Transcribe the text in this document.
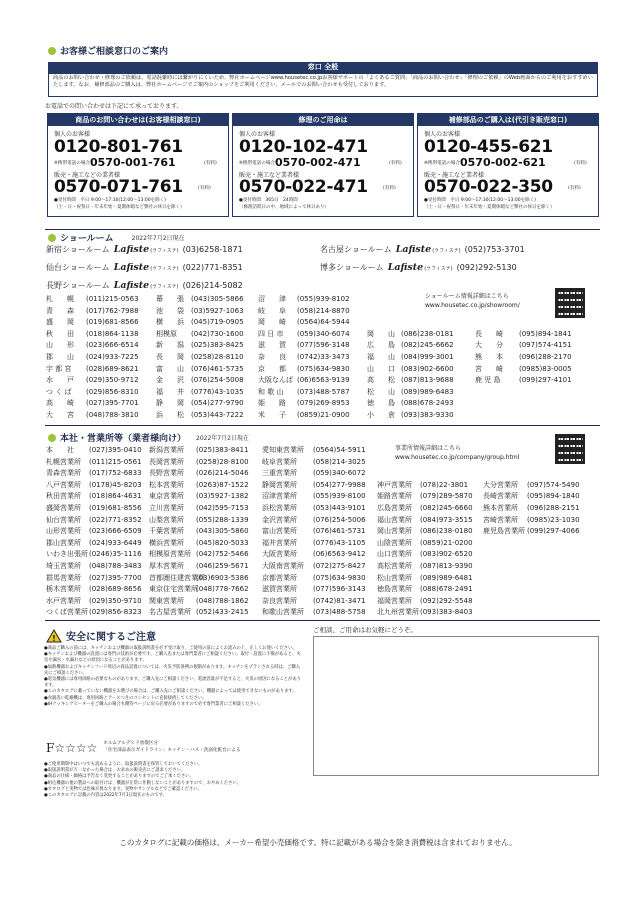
お客様ご相談窓口のご案内
窓口 全般
商品のお問い合わせ・修理のご依頼は、電話混雑時には繋がりにくいため、弊社ホームページwww.housetec.co.jpお客様サポートの「よくあるご質問」「商品のお問い合わせ」「修理のご依頼」のWeb画面からのご利用をおすすめいたします。なお、補修部品のご購入は、弊社ホームページでご案内のショップをご利用ください。メールでのお問い合わせも受付しております。
お電話での問い合わせは下記にて承っております。
商品のお問い合わせは(お客様相談窓口)
個人のお客様
0120-801-761
※携帯電話の場合 0570-001-761	(有料)
販売・施工などの業者様
0570-071-761	(有料)
●受付時間　平日 9:00〜17:30(12:00〜13:00を除く)
（土・日・祝祭日・年末年始・夏期休暇など弊社の休日を除く）
修理のご用命は
個人のお客様
0120-102-471
※携帯電話の場合 0570-002-471	(有料)
販売・施工など業者様
0570-022-471	(有料)
●受付時間　365日　24時間
（修理訪問日の中、地域によって休日あり）
補修部品のご購入は(代引き販売窓口)
個人のお客様
0120-455-621
※携帯電話の場合 0570-002-621	(有料)
販売・施工など業者様
0570-022-350	(有料)
●受付時間　平日 9:00〜17:30(12:00〜13:00を除く)
（土・日・祝祭日・年末年始・夏期休暇など弊社の休日を除く）
ショールーム	2022年7月2日現在
新宿ショールーム Lafiste(ラフィステ) (03)6258-1871	名古屋ショールーム Lafiste(ラフィステ) (052)753-3701
仙台ショールーム Lafiste(ラフィステ) (022)771-8351	博多ショールーム Lafiste(ラフィステ) (092)292-5130
長野ショールーム Lafiste(ラフィステ) (026)214-5082
ショールーム情報詳細はこちら
www.housetec.co.jp/showroom/
札　　幌 (011)215-0563 幕　　張 (043)305-5866 沼　　津 (055)939-8102
青　　森 (017)762-7988 池　　袋 (03)5927-1063 岐　　阜 (058)214-8870
盛　　岡 (019)681-8566 横　　浜 (045)719-0905 岡　　崎 (0564)64-5944
秋　　田 (018)864-1138 相模原 (042)730-1600 四 日 市 (059)340-6074 岡　　山 (086)238-0181	長　　崎 (095)894-1841
山　　形 (023)666-6514 新　　潟 (025)383-8425 滋　　賀 (077)596-3148 広　　島 (082)245-6662	大　　分 (097)574-4151
郡　　山 (024)933-7225 長　　岡 (0258)28-8110 奈　　良 (0742)33-3473 福　　山 (084)999-3001	熊　　本 (096)288-2170
宇 都 宮 (028)689-8621 富　　山 (076)461-5735 京　　都 (075)634-9830 山　　口 (083)902-6600	宮　　崎 (0985)83-0005
水　　戸 (029)350-9712 金　　沢 (076)254-5008 大阪なんば (06)6563-9139 高　　松 (087)813-9688	鹿 児 島	(099)297-4101
つ く ば (029)856-8310 福　　井 (0776)43-1035 和 歌 山 (073)488-5787 松　　山 (089)989-6483
高　　崎 (027)395-7701 静　　岡 (054)277-9790 姫　　路 (079)269-8953 徳　　島 (088)678-2493
大　　宮 (048)788-3810 浜　　松 (053)443-7222 米　　子 (0859)21-0900 小　　倉 (093)383-9330
本社・営業所等（業者様向け） 2022年7月2日現在
事業所情報詳細はこちら
www.housetec.co.jp/company/group.html
本　　社 (027)395-0410 新潟営業所 (025)383-8411 愛知東営業所 (0564)54-5911
札幌営業所 (011)215-0561 長岡営業所 (0258)28-8100 岐阜営業所 (058)214-3025
青森営業所 (017)752-6833 長野営業所 (026)214-5046 三重営業所 (059)340-6072
八戸営業所 (0178)45-8203 松本営業所 (0263)87-1522 静岡営業所 (054)277-9988 神戸営業所 (078)22-3801 大分営業所 (097)574-5490
秋田営業所 (018)864-4631 東京営業所 (03)5927-1382 沼津営業所 (055)939-8100 姫路営業所 (079)289-5870 長崎営業所 (095)894-1840
盛岡営業所 (019)681-8556 立川営業所 (042)595-7153 浜松営業所 (053)443-9101 広島営業所 (082)245-6660 熊本営業所 (096)288-2151
仙台営業所 (022)771-8352 山梨営業所 (055)288-1339 金沢営業所 (076)254-5006 福山営業所 (084)973-3515 宮崎営業所 (0985)23-1030
山形営業所 (023)666-6509 千葉営業所 (043)305-5860 富山営業所 (076)461-5731 岡山営業所 (086)238-0180 鹿児島営業所 (099)297-4066
郡山営業所 (024)933-6449 横浜営業所 (045)820-5033 福井営業所 (0776)43-1105 山陰営業所 (0859)21-0200
いわき出張所(0246)35-1116 相模原営業所 (042)752-5466 大阪営業所 (06)6563-9412 山口営業所 (083)902-6520
埼玉営業所 (048)788-3483 厚木営業所 (046)259-5671 大阪南営業所 (072)275-8427 高松営業所 (087)813-9390
群馬営業所 (027)395-7700 首都圏住建営業所(03)6903-5386 京都営業所 (075)634-9830 松山営業所 (089)989-6481
栃木営業所 (028)689-8656 東京住宅営業所(048)778-7662 滋賀営業所 (077)596-3143 徳島営業所 (088)678-2491
水戸営業所 (029)350-9710 関東営業所 (048)788-1862 奈良営業所 (0742)81-3471 福岡営業所 (092)292-5548
つくば営業所(029)856-8323 名古屋営業所 (052)433-2415 和歌山営業所 (073)488-5758 北九州営業所(093)383-8403
! 安全に関するご注意
●商品ご購入の前には、キッチンおよび機器の取扱説明書を必ず受け取り、ご使用の前によくお読みの上、正しくお使いください。
●キッチンおよび機器の設置には専門の技術が必要です。ご購入先または専門業者にご相談ください。取付・設置に不備があると、火災や漏水・水漏れなどの原因になることがあります。
●加熱機器およびキッチンフード周辺の商品設置については、火災予防条例の規制があります。キッチンをプランされる時は、ご購入先にご相談ください。
●電気機器には専用回路の必要なものがあります。ご購入先にご相談ください。電流容量が不足すると、火災の原因になることがあります。
●このカタログに載っていない機器をお選びの場合は、ご購入先にご相談ください。機器によっては使用できないものがあります。
●食器洗い乾燥機は、専用回路とアースつきのコンセントに直接接続してください。
●IHクッキングヒーターをご購入の場合も優待ページに戻る必要がありますので必ず専門業者にご相談ください。
F☆☆☆☆ ホルムアルデヒド放散区分
「住宅部品表示ガイドライン」キッチン・バス・洗面化粧台による
●ご使用期間中はいつでも読めるように、取扱説明書を保管しておいてください。
●取扱説明書が万一なかった場合は、お求めの販売店にご請求ください。
●商品の仕様・価格は予告なく変更することがありますのでご了承ください。
●組込機器の他の製品への取付けは、機器が正常に作動しないことがありますので、おやめください。
●カタログと実物では色味が異なります。実物やサンプルなどでご確認ください。
●このカタログに記載の内容は2022年7月1日現在のものです。
ご相談、ご用命はお気軽にどうぞ。
このカタログに記載の価格は、メーカー希望小売価格です。特に記載がある場合を除き消費税は含まれておりません。
